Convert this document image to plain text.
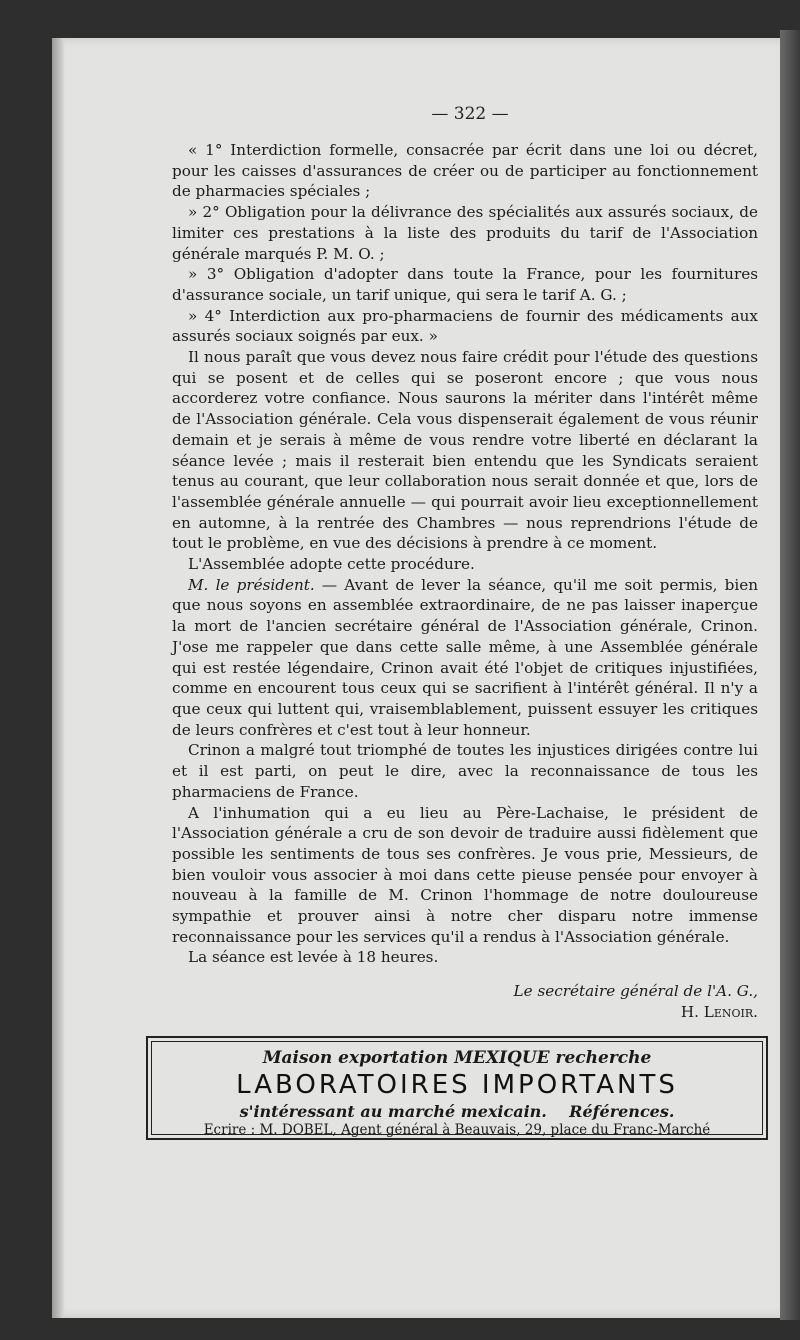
— 322 —

« 1° Interdiction formelle, consacrée par écrit dans une loi ou décret, pour les caisses d'assurances de créer ou de participer au fonctionnement de pharmacies spéciales ;

» 2° Obligation pour la délivrance des spécialités aux assurés sociaux, de limiter ces prestations à la liste des produits du tarif de l'Association générale marqués P. M. O. ;

» 3° Obligation d'adopter dans toute la France, pour les fournitures d'assurance sociale, un tarif unique, qui sera le tarif A. G. ;

» 4° Interdiction aux pro-pharmaciens de fournir des médicaments aux assurés sociaux soignés par eux. »

Il nous paraît que vous devez nous faire crédit pour l'étude des questions qui se posent et de celles qui se poseront encore ; que vous nous accorderez votre confiance. Nous saurons la mériter dans l'intérêt même de l'Association générale. Cela vous dispenserait également de vous réunir demain et je serais à même de vous rendre votre liberté en déclarant la séance levée ; mais il resterait bien entendu que les Syndicats seraient tenus au courant, que leur collaboration nous serait donnée et que, lors de l'assemblée générale annuelle — qui pourrait avoir lieu exceptionnellement en automne, à la rentrée des Chambres — nous reprendrions l'étude de tout le problème, en vue des décisions à prendre à ce moment.

L'Assemblée adopte cette procédure.

M. le président. — Avant de lever la séance, qu'il me soit permis, bien que nous soyons en assemblée extraordinaire, de ne pas laisser inaperçue la mort de l'ancien secrétaire général de l'Association générale, Crinon. J'ose me rappeler que dans cette salle même, à une Assemblée générale qui est restée légendaire, Crinon avait été l'objet de critiques injustifiées, comme en encourent tous ceux qui se sacrifient à l'intérêt général. Il n'y a que ceux qui luttent qui, vraisemblablement, puissent essuyer les critiques de leurs confrères et c'est tout à leur honneur.

Crinon a malgré tout triomphé de toutes les injustices dirigées contre lui et il est parti, on peut le dire, avec la reconnaissance de tous les pharmaciens de France.

A l'inhumation qui a eu lieu au Père-Lachaise, le président de l'Association générale a cru de son devoir de traduire aussi fidèlement que possible les sentiments de tous ses confrères. Je vous prie, Messieurs, de bien vouloir vous associer à moi dans cette pieuse pensée pour envoyer à nouveau à la famille de M. Crinon l'hommage de notre douloureuse sympathie et prouver ainsi à notre cher disparu notre immense reconnaissance pour les services qu'il a rendus à l'Association générale.

La séance est levée à 18 heures.

Le secrétaire général de l'A. G.,
H. Lenoir.
Maison exportation MEXIQUE recherche
LABORATOIRES IMPORTANTS
s'intéressant au marché mexicain.    Références.
Ecrire : M. DOBEL, Agent général à Beauvais, 29, place du Franc-Marché
